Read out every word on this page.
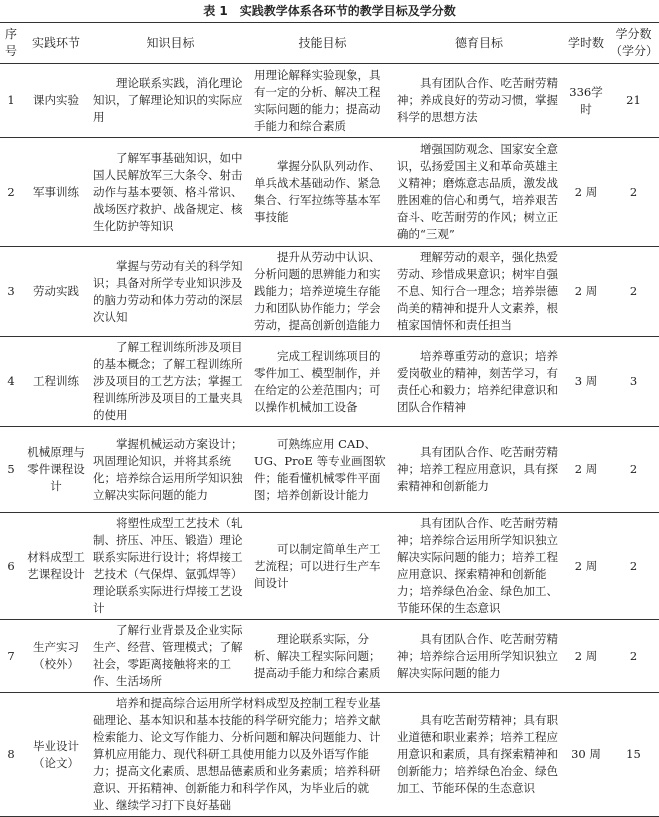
表 1　实践教学体系各环节的教学目标及学分数
序号	实践环节	知识目标	技能目标	德育目标	学时数	学分数（学分）
1	课内实验	理论联系实践，消化理论知识，了解理论知识的实际应用	用理论解释实验现象，具有一定的分析、解决工程实际问题的能力；提高动手能力和综合素质	具有团队合作、吃苦耐劳精神；养成良好的劳动习惯，掌握科学的思想方法	336学时	21
2	军事训练	了解军事基础知识，如中国人民解放军三大条令、射击动作与基本要领、格斗常识、战场医疗救护、战备规定、核生化防护等知识	掌握分队队列动作、单兵战术基础动作、紧急集合、行军拉练等基本军事技能	增强国防观念、国家安全意识，弘扬爱国主义和革命英雄主义精神；磨炼意志品质，激发战胜困难的信心和勇气，培养艰苦奋斗、吃苦耐劳的作风；树立正确的“三观”	2 周	2
3	劳动实践	掌握与劳动有关的科学知识；具备对所学专业知识涉及的脑力劳动和体力劳动的深层次认知	提升从劳动中认识、分析问题的思辨能力和实践能力；培养逆境生存能力和团队协作能力；学会劳动，提高创新创造能力	理解劳动的艰辛，强化热爱劳动、珍惜成果意识；树牢自强不息、知行合一理念；培养崇德尚美的精神和提升人文素养，根植家国情怀和责任担当	2 周	2
4	工程训练	了解工程训练所涉及项目的基本概念；了解工程训练所涉及项目的工艺方法；掌握工程训练所涉及项目的工量夹具的使用	完成工程训练项目的零件加工、模型制作，并在给定的公差范围内；可以操作机械加工设备	培养尊重劳动的意识；培养爱岗敬业的精神，刻苦学习，有责任心和毅力；培养纪律意识和团队合作精神	3 周	3
5	机械原理与零件课程设计	掌握机械运动方案设计；巩固理论知识，并将其系统化；培养综合运用所学知识独立解决实际问题的能力	可熟练应用 CAD、UG、ProE 等专业画图软件；能看懂机械零件平面图；培养创新设计能力	具有团队合作、吃苦耐劳精神；培养工程应用意识，具有探索精神和创新能力	2 周	2
6	材料成型工艺课程设计	将塑性成型工艺技术（轧制、挤压、冲压、锻造）理论联系实际进行设计；将焊接工艺技术（气保焊、氩弧焊等）理论联系实际进行焊接工艺设计	可以制定简单生产工艺流程；可以进行生产车间设计	具有团队合作、吃苦耐劳精神；培养综合运用所学知识独立解决实际问题的能力；培养工程应用意识、探索精神和创新能力；培养绿色冶金、绿色加工、节能环保的生态意识	2 周	2
7	生产实习（校外）	了解行业背景及企业实际生产、经营、管理模式；了解社会，零距离接触将来的工作、生活场所	理论联系实际，分析、解决工程实际问题；提高动手能力和综合素质	具有团队合作、吃苦耐劳精神；培养综合运用所学知识独立解决实际问题的能力	2 周	2
8	毕业设计（论文）	培养和提高综合运用所学材料成型及控制工程专业基础理论、基本知识和基本技能的科学研究能力；培养文献检索能力、论文写作能力、分析问题和解决问题能力、计算机应用能力、现代科研工具使用能力以及外语写作能力；提高文化素质、思想品德素质和业务素质；培养科研意识、开拓精神、创新能力和科学作风，为毕业后的就业、继续学习打下良好基础		具有吃苦耐劳精神；具有职业道德和职业素养；培养工程应用意识和素质，具有探索精神和创新能力；培养绿色冶金、绿色加工、节能环保的生态意识	30 周	15
